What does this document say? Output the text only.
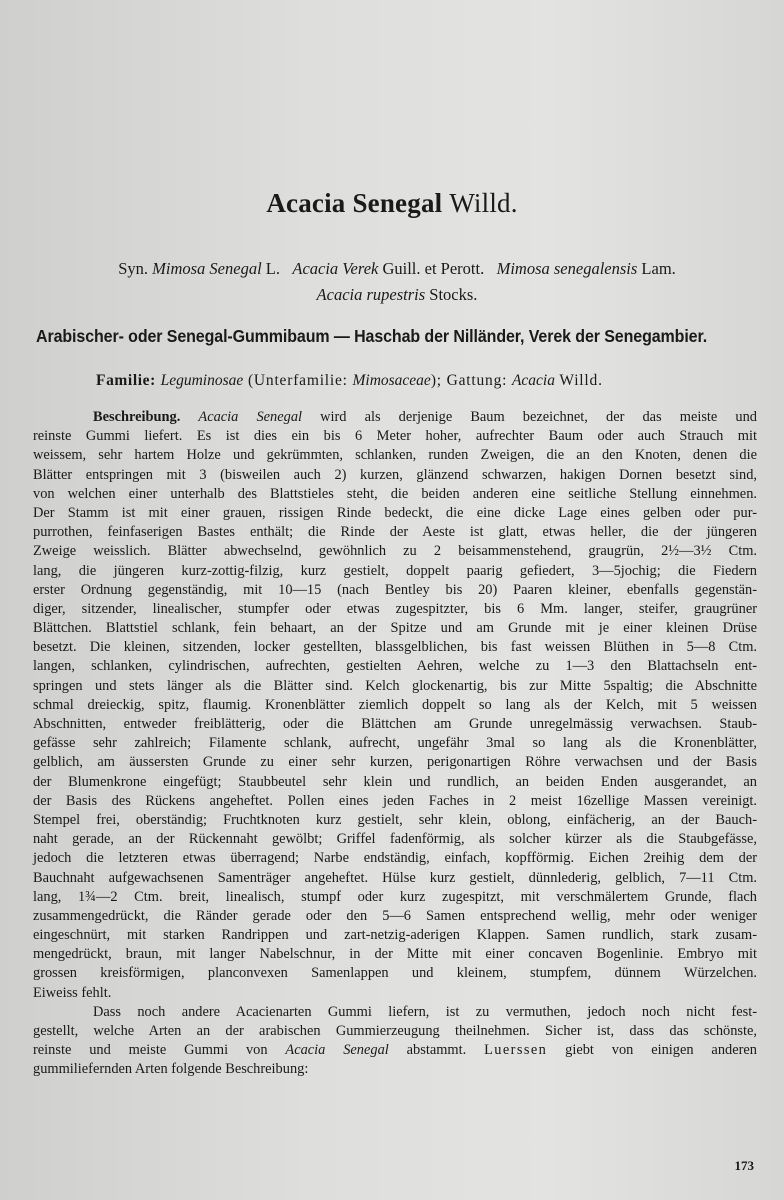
Acacia Senegal Willd.
Syn. Mimosa Senegal L. Acacia Verek Guill. et Perott. Mimosa senegalensis Lam.
Acacia rupestris Stocks.
Arabischer- oder Senegal-Gummibaum — Haschab der Nilländer, Verek der Senegambier.
Familie: Leguminosae (Unterfamilie: Mimosaceae); Gattung: Acacia Willd.
Beschreibung. Acacia Senegal wird als derjenige Baum bezeichnet, der das meiste und
reinste Gummi liefert. Es ist dies ein bis 6 Meter hoher, aufrechter Baum oder auch Strauch mit
weissem, sehr hartem Holze und gekrümmten, schlanken, runden Zweigen, die an den Knoten, denen die
Blätter entspringen mit 3 (bisweilen auch 2) kurzen, glänzend schwarzen, hakigen Dornen besetzt sind,
von welchen einer unterhalb des Blattstieles steht, die beiden anderen eine seitliche Stellung einnehmen.
Der Stamm ist mit einer grauen, rissigen Rinde bedeckt, die eine dicke Lage eines gelben oder pur-
purrothen, feinfaserigen Bastes enthält; die Rinde der Aeste ist glatt, etwas heller, die der jüngeren
Zweige weisslich. Blätter abwechselnd, gewöhnlich zu 2 beisammenstehend, graugrün, 2½—3½ Ctm.
lang, die jüngeren kurz-zottig-filzig, kurz gestielt, doppelt paarig gefiedert, 3—5jochig; die Fiedern
erster Ordnung gegenständig, mit 10—15 (nach Bentley bis 20) Paaren kleiner, ebenfalls gegenstän-
diger, sitzender, linealischer, stumpfer oder etwas zugespitzter, bis 6 Mm. langer, steifer, graugrüner
Blättchen. Blattstiel schlank, fein behaart, an der Spitze und am Grunde mit je einer kleinen Drüse
besetzt. Die kleinen, sitzenden, locker gestellten, blassgelblichen, bis fast weissen Blüthen in 5—8 Ctm.
langen, schlanken, cylindrischen, aufrechten, gestielten Aehren, welche zu 1—3 den Blattachseln ent-
springen und stets länger als die Blätter sind. Kelch glockenartig, bis zur Mitte 5spaltig; die Abschnitte
schmal dreieckig, spitz, flaumig. Kronenblätter ziemlich doppelt so lang als der Kelch, mit 5 weissen
Abschnitten, entweder freiblätterig, oder die Blättchen am Grunde unregelmässig verwachsen. Staub-
gefässe sehr zahlreich; Filamente schlank, aufrecht, ungefähr 3mal so lang als die Kronenblätter,
gelblich, am äussersten Grunde zu einer sehr kurzen, perigonartigen Röhre verwachsen und der Basis
der Blumenkrone eingefügt; Staubbeutel sehr klein und rundlich, an beiden Enden ausgerandet, an
der Basis des Rückens angeheftet. Pollen eines jeden Faches in 2 meist 16zellige Massen vereinigt.
Stempel frei, oberständig; Fruchtknoten kurz gestielt, sehr klein, oblong, einfächerig, an der Bauch-
naht gerade, an der Rückennaht gewölbt; Griffel fadenförmig, als solcher kürzer als die Staubgefässe,
jedoch die letzteren etwas überragend; Narbe endständig, einfach, kopfförmig. Eichen 2reihig dem der
Bauchnaht aufgewachsenen Samenträger angeheftet. Hülse kurz gestielt, dünnlederig, gelblich, 7—11 Ctm.
lang, 1¾—2 Ctm. breit, linealisch, stumpf oder kurz zugespitzt, mit verschmälertem Grunde, flach
zusammengedrückt, die Ränder gerade oder den 5—6 Samen entsprechend wellig, mehr oder weniger
eingeschnürt, mit starken Randrippen und zart-netzig-aderigen Klappen. Samen rundlich, stark zusam-
mengedrückt, braun, mit langer Nabelschnur, in der Mitte mit einer concaven Bogenlinie. Embryo mit
grossen kreisförmigen, planconvexen Samenlappen und kleinem, stumpfem, dünnem Würzelchen.
Eiweiss fehlt.
Dass noch andere Acacienarten Gummi liefern, ist zu vermuthen, jedoch noch nicht fest-
gestellt, welche Arten an der arabischen Gummierzeugung theilnehmen. Sicher ist, dass das schönste,
reinste und meiste Gummi von Acacia Senegal abstammt. Luerssen giebt von einigen anderen
gummiliefernden Arten folgende Beschreibung:
173
